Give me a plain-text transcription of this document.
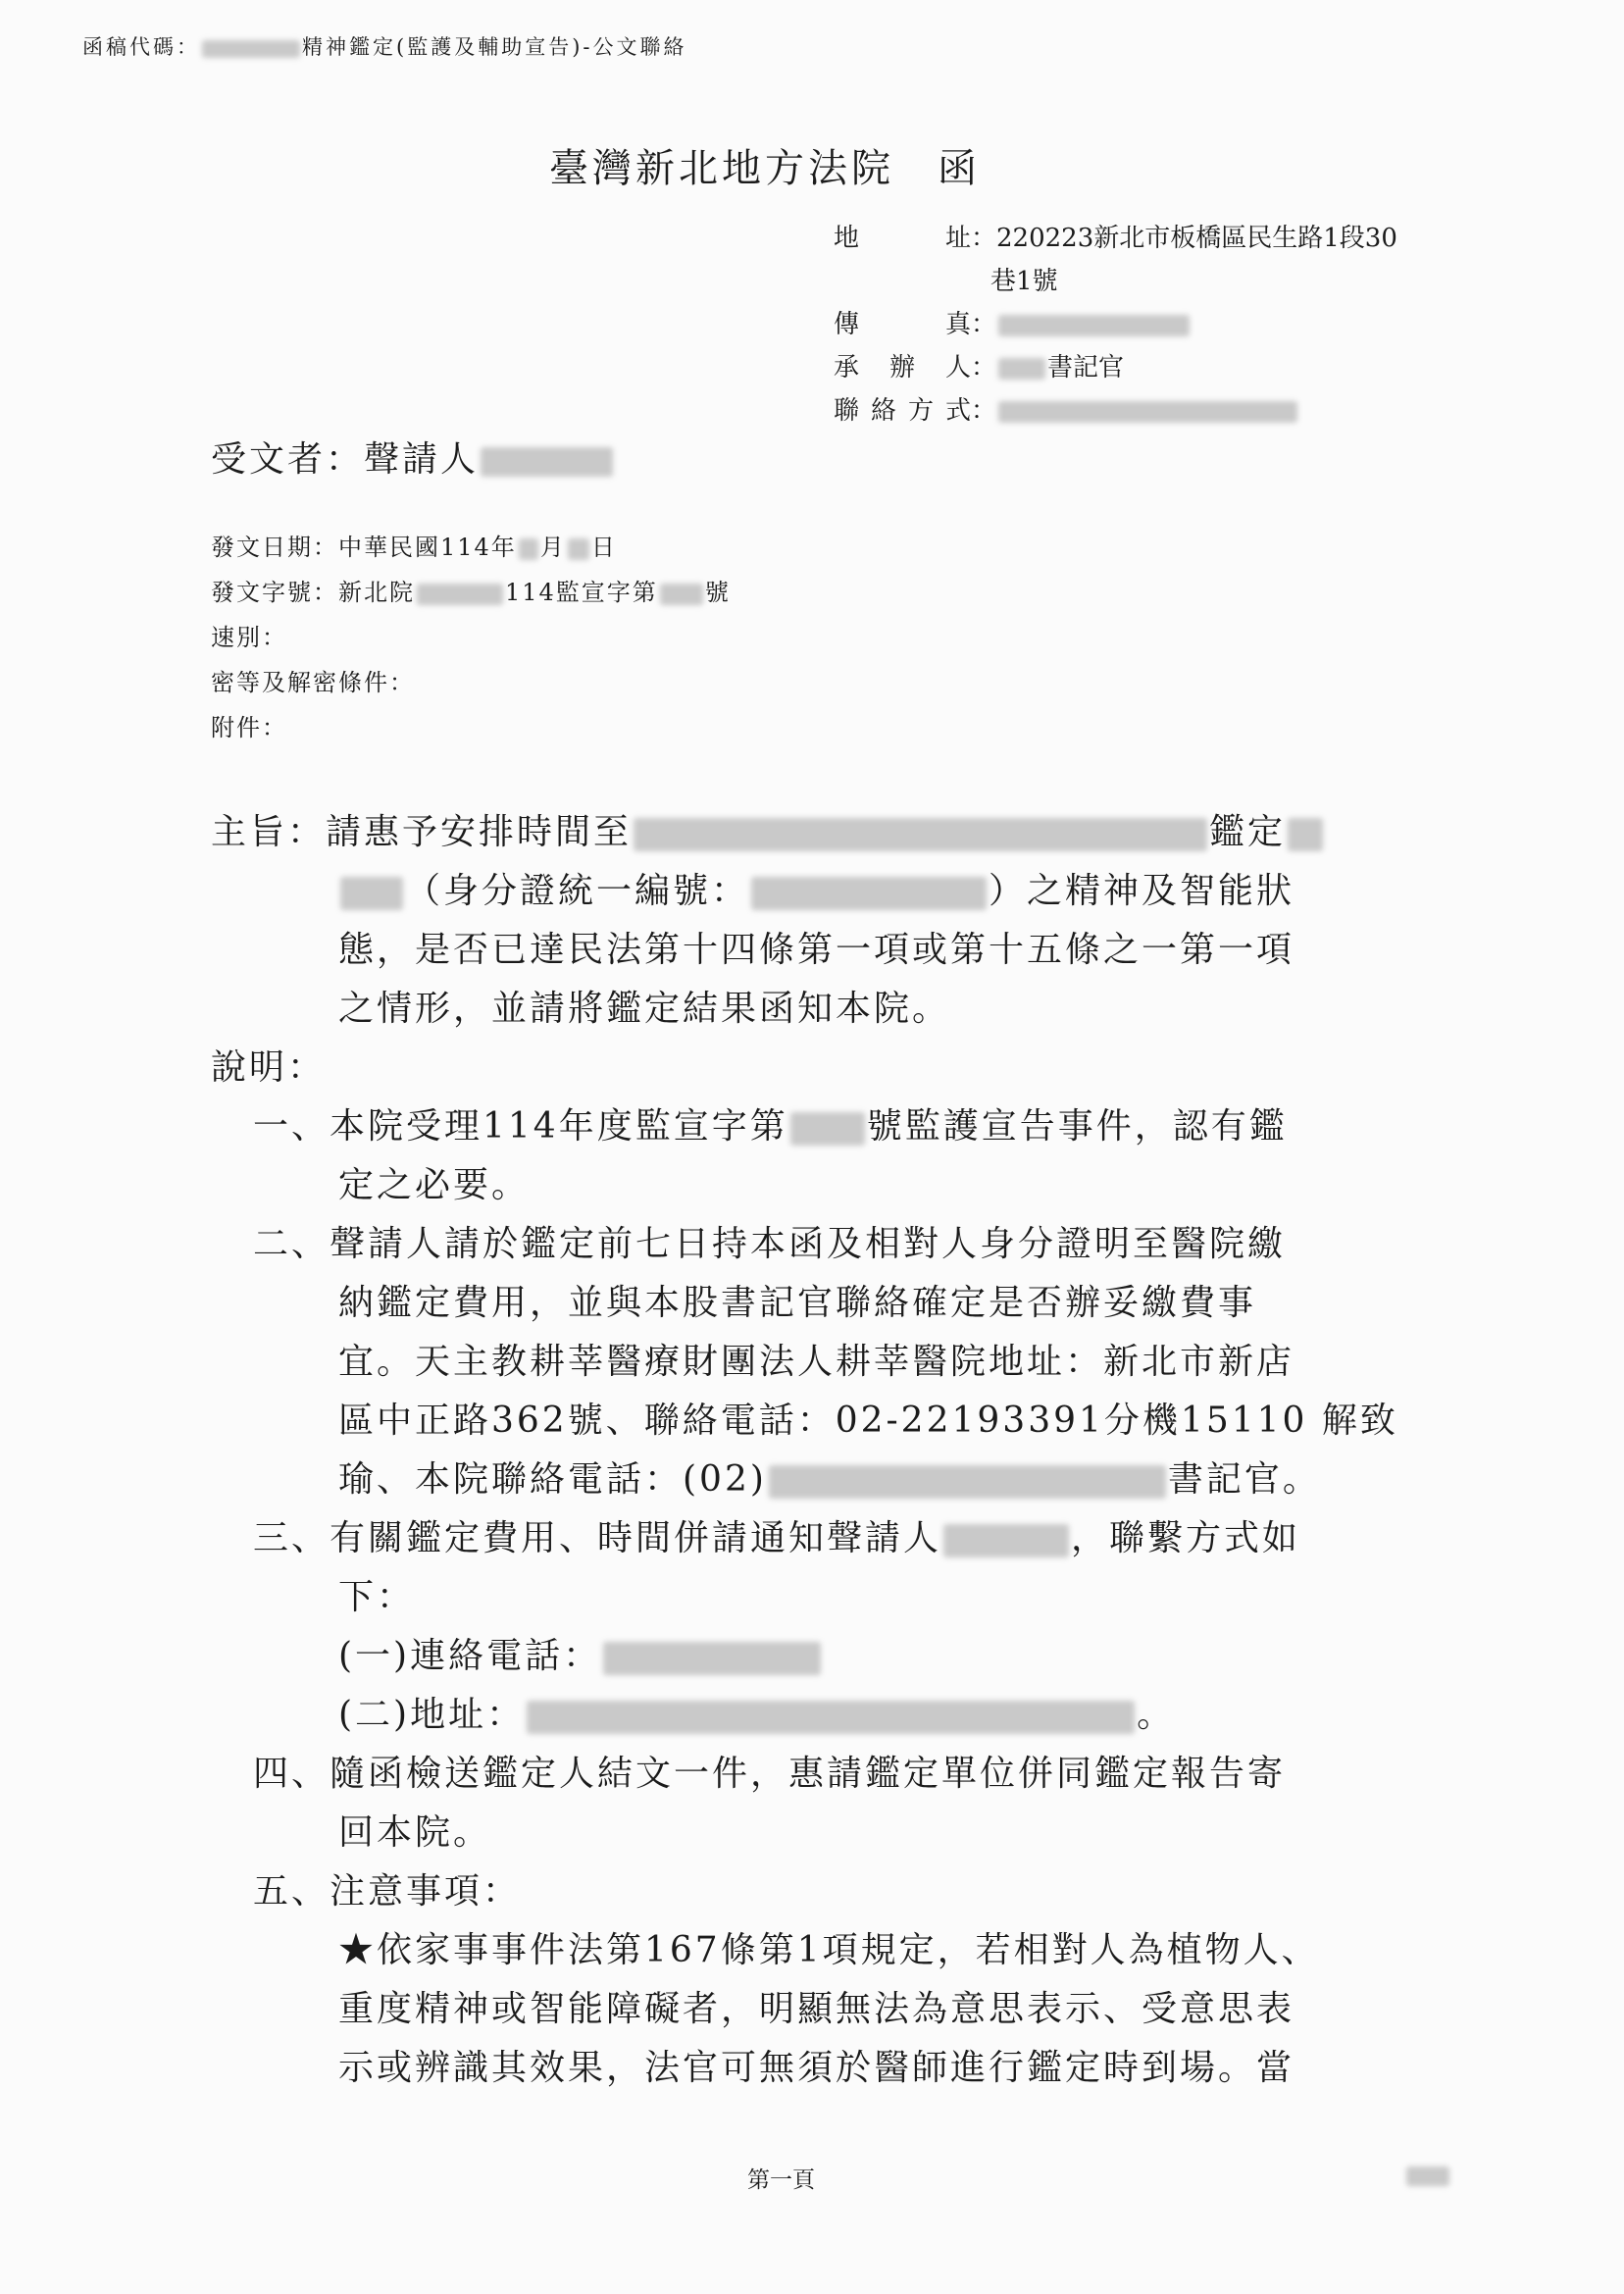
函稿代碼：	精神鑑定(監護及輔助宣告)-公文聯絡
臺灣新北地方法院　函
地　　址：220223新北市板橋區民生路1段30
巷1號
傳　　真：
承 辦 人： 書記官
聯絡方式：
受文者：聲請人
發文日期：中華民國114年 月 日
發文字號：新北院	114監宣字第 號
速別：
密等及解密條件：
附件：
主旨：請惠予安排時間至	鑑定
（身分證統一編號：	）之精神及智能狀
態，是否已達民法第十四條第一項或第十五條之一第一項
之情形，並請將鑑定結果函知本院。
說明：
一、本院受理114年度監宣字第 號監護宣告事件，認有鑑
定之必要。
二、聲請人請於鑑定前七日持本函及相對人身分證明至醫院繳
納鑑定費用，並與本股書記官聯絡確定是否辦妥繳費事
宜。天主教耕莘醫療財團法人耕莘醫院地址：新北市新店
區中正路362號、聯絡電話：02-22193391分機15110 解致
瑜、本院聯絡電話：(02)	書記官。
三、有關鑑定費用、時間併請通知聲請人	，聯繫方式如
下：
(一)連絡電話：
(二)地址：	。
四、隨函檢送鑑定人結文一件，惠請鑑定單位併同鑑定報告寄
回本院。
五、注意事項：
★依家事事件法第167條第1項規定，若相對人為植物人、
重度精神或智能障礙者，明顯無法為意思表示、受意思表
示或辨識其效果，法官可無須於醫師進行鑑定時到場。當
第一頁
